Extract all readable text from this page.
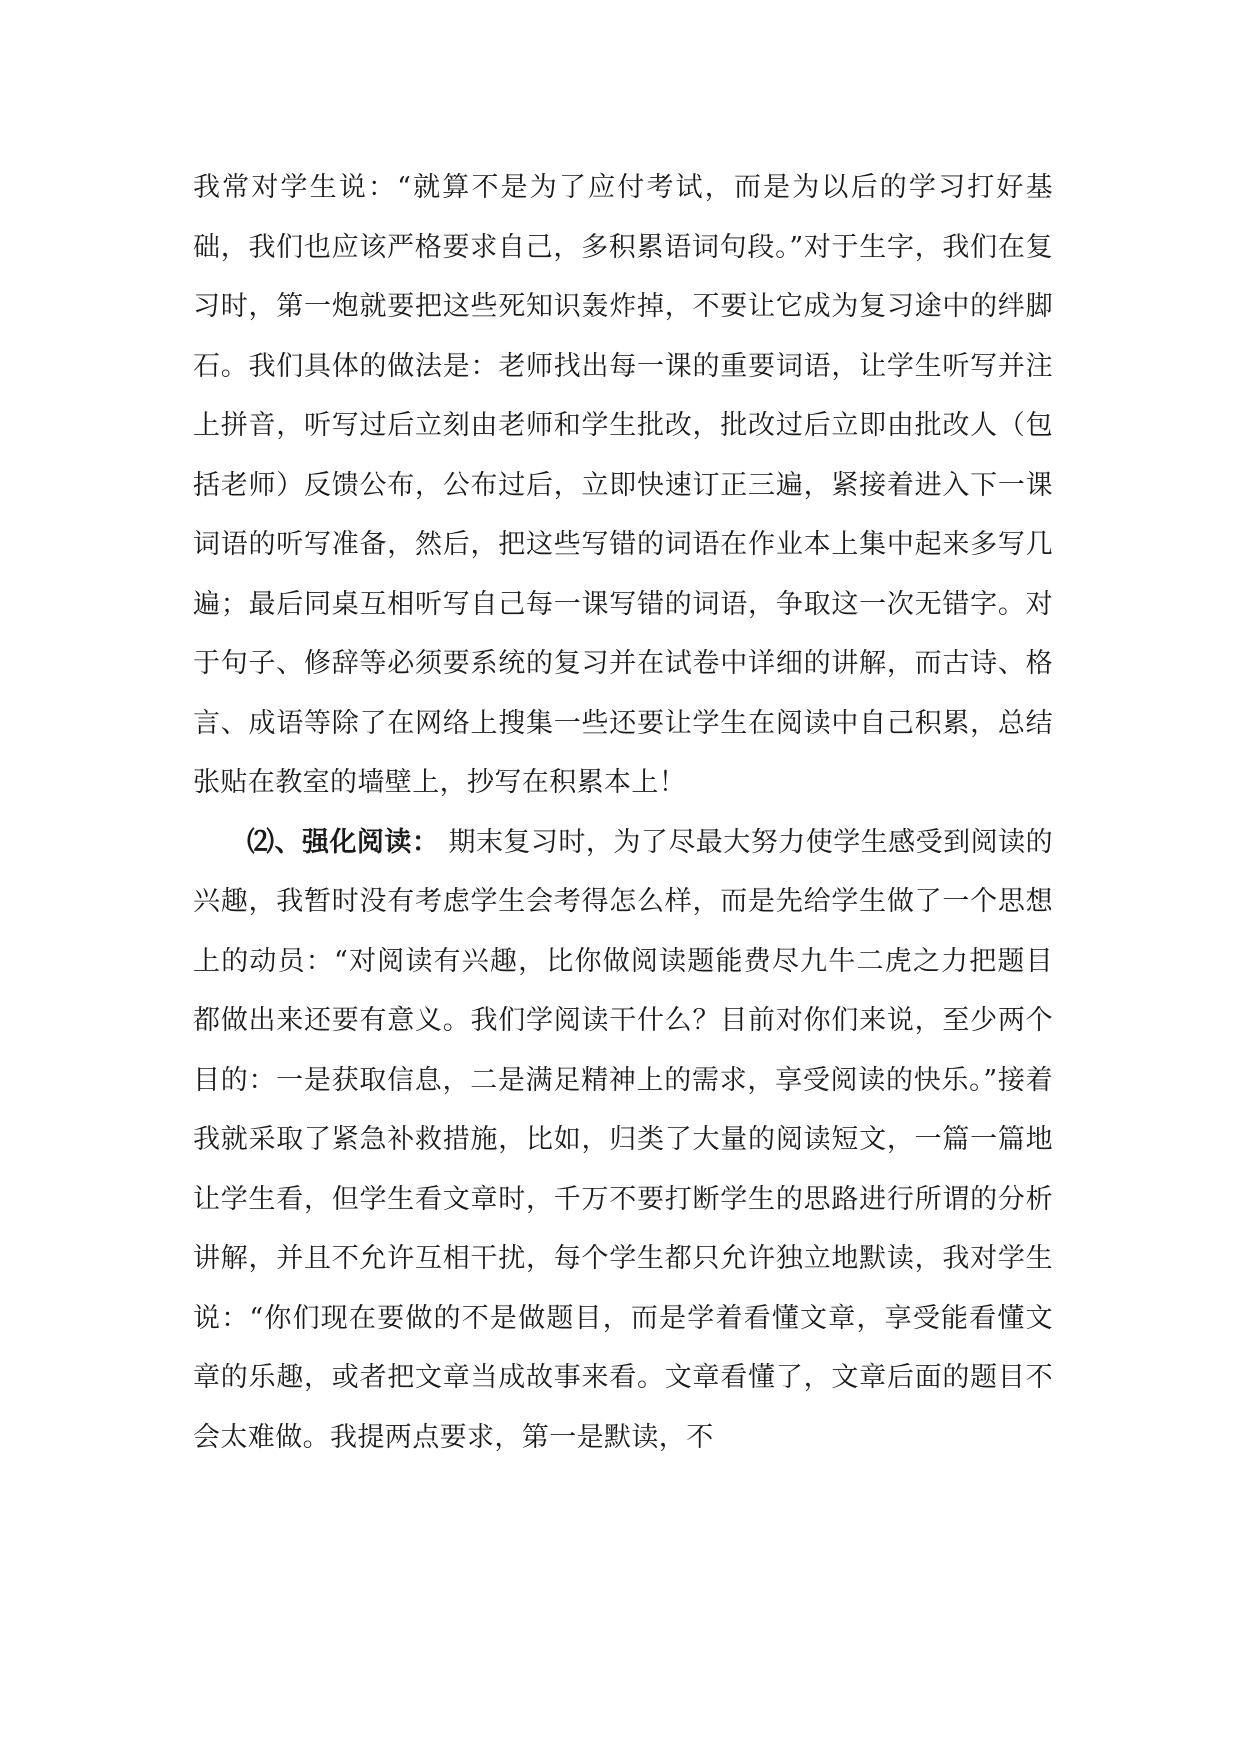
我常对学生说：“就算不是为了应付考试，而是为以后的学习打好基础，我们也应该严格要求自己，多积累语词句段。”对于生字，我们在复习时，第一炮就要把这些死知识轰炸掉，不要让它成为复习途中的绊脚石。我们具体的做法是：老师找出每一课的重要词语，让学生听写并注上拼音，听写过后立刻由老师和学生批改，批改过后立即由批改人（包括老师）反馈公布，公布过后，立即快速订正三遍，紧接着进入下一课词语的听写准备，然后，把这些写错的词语在作业本上集中起来多写几遍；最后同桌互相听写自己每一课写错的词语，争取这一次无错字。对于句子、修辞等必须要系统的复习并在试卷中详细的讲解，而古诗、格言、成语等除了在网络上搜集一些还要让学生在阅读中自己积累，总结张贴在教室的墙壁上，抄写在积累本上！

⑵、强化阅读： 期末复习时，为了尽最大努力使学生感受到阅读的兴趣，我暂时没有考虑学生会考得怎么样，而是先给学生做了一个思想上的动员：“对阅读有兴趣，比你做阅读题能费尽九牛二虎之力把题目都做出来还要有意义。我们学阅读干什么？目前对你们来说，至少两个目的：一是获取信息，二是满足精神上的需求，享受阅读的快乐。”接着我就采取了紧急补救措施，比如，归类了大量的阅读短文，一篇一篇地让学生看，但学生看文章时，千万不要打断学生的思路进行所谓的分析讲解，并且不允许互相干扰，每个学生都只允许独立地默读，我对学生说：“你们现在要做的不是做题目，而是学着看懂文章，享受能看懂文章的乐趣，或者把文章当成故事来看。文章看懂了，文章后面的题目不会太难做。我提两点要求，第一是默读，不
